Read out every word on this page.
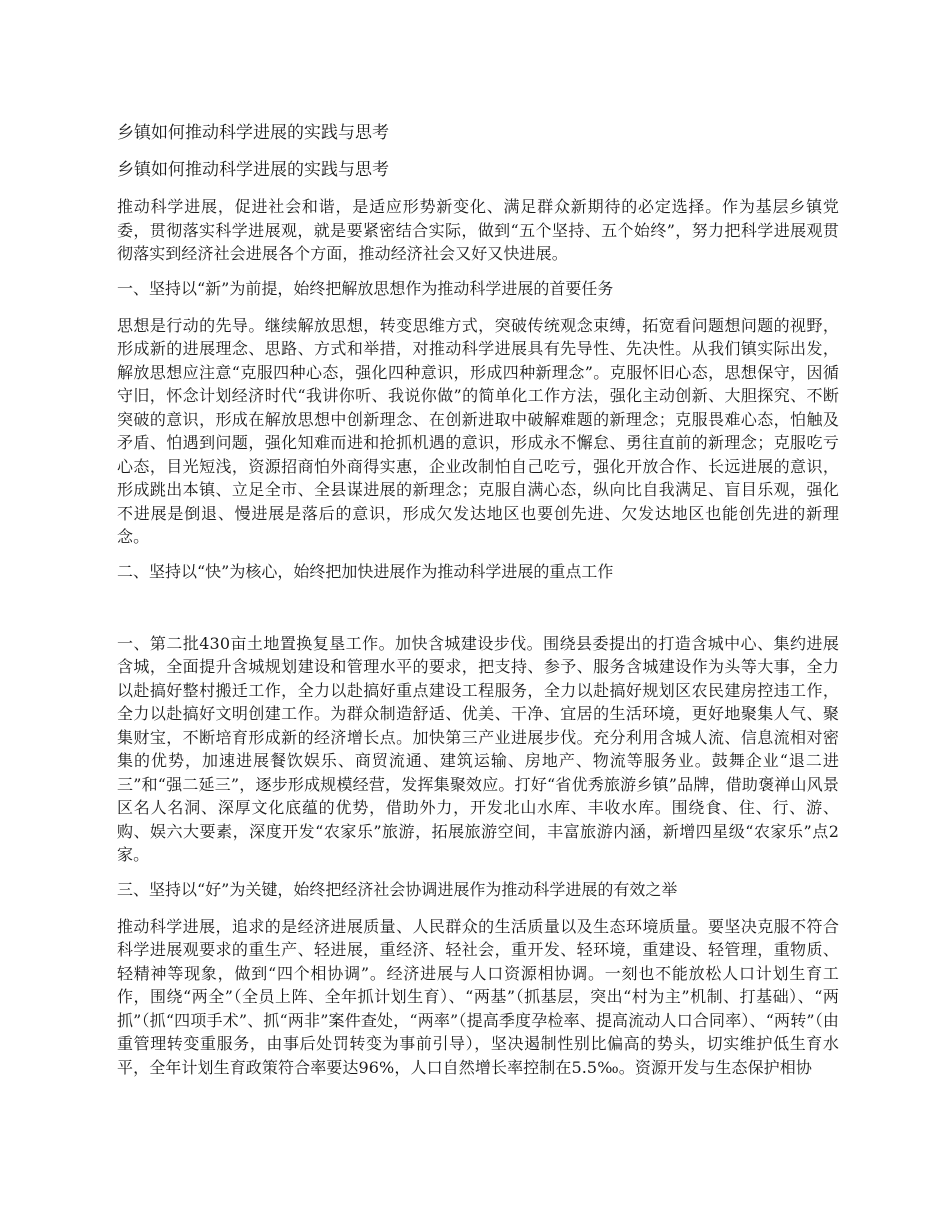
乡镇如何推动科学进展的实践与思考
乡镇如何推动科学进展的实践与思考
推动科学进展，促进社会和谐，是适应形势新变化、满足群众新期待的必定选择。作为基层乡镇党委，贯彻落实科学进展观，就是要紧密结合实际，做到“五个坚持、五个始终”，努力把科学进展观贯彻落实到经济社会进展各个方面，推动经济社会又好又快进展。
一、坚持以“新”为前提，始终把解放思想作为推动科学进展的首要任务
思想是行动的先导。继续解放思想，转变思维方式，突破传统观念束缚，拓宽看问题想问题的视野，形成新的进展理念、思路、方式和举措，对推动科学进展具有先导性、先决性。从我们镇实际出发，解放思想应注意“克服四种心态，强化四种意识，形成四种新理念”。克服怀旧心态，思想保守，因循守旧，怀念计划经济时代“我讲你听、我说你做”的简单化工作方法，强化主动创新、大胆探究、不断突破的意识，形成在解放思想中创新理念、在创新进取中破解难题的新理念；克服畏难心态，怕触及矛盾、怕遇到问题，强化知难而进和抢抓机遇的意识，形成永不懈怠、勇往直前的新理念；克服吃亏心态，目光短浅，资源招商怕外商得实惠，企业改制怕自己吃亏，强化开放合作、长远进展的意识，形成跳出本镇、立足全市、全县谋进展的新理念；克服自满心态，纵向比自我满足、盲目乐观，强化不进展是倒退、慢进展是落后的意识，形成欠发达地区也要创先进、欠发达地区也能创先进的新理念。
二、坚持以“快”为核心，始终把加快进展作为推动科学进展的重点工作
一、第二批430亩土地置换复垦工作。加快含城建设步伐。围绕县委提出的打造含城中心、集约进展含城，全面提升含城规划建设和管理水平的要求，把支持、参予、服务含城建设作为头等大事，全力以赴搞好整村搬迁工作，全力以赴搞好重点建设工程服务，全力以赴搞好规划区农民建房控违工作，全力以赴搞好文明创建工作。为群众制造舒适、优美、干净、宜居的生活环境，更好地聚集人气、聚集财宝，不断培育形成新的经济增长点。加快第三产业进展步伐。充分利用含城人流、信息流相对密集的优势，加速进展餐饮娱乐、商贸流通、建筑运输、房地产、物流等服务业。鼓舞企业“退二进三”和“强二延三”，逐步形成规模经营，发挥集聚效应。打好“省优秀旅游乡镇”品牌，借助褒禅山风景区名人名洞、深厚文化底蕴的优势，借助外力，开发北山水库、丰收水库。围绕食、住、行、游、购、娱六大要素，深度开发“农家乐”旅游，拓展旅游空间，丰富旅游内涵，新增四星级“农家乐”点2家。
三、坚持以“好”为关键，始终把经济社会协调进展作为推动科学进展的有效之举
推动科学进展，追求的是经济进展质量、人民群众的生活质量以及生态环境质量。要坚决克服不符合科学进展观要求的重生产、轻进展，重经济、轻社会，重开发、轻环境，重建设、轻管理，重物质、轻精神等现象，做到“四个相协调”。经济进展与人口资源相协调。一刻也不能放松人口计划生育工作，围绕“两全”（全员上阵、全年抓计划生育）、“两基”（抓基层，突出“村为主”机制、打基础）、“两抓”（抓“四项手术”、抓“两非”案件查处，“两率”（提高季度孕检率、提高流动人口合同率）、“两转”（由重管理转变重服务，由事后处罚转变为事前引导），坚决遏制性别比偏高的势头，切实维护低生育水平，全年计划生育政策符合率要达96%，人口自然增长率控制在5.5‰。资源开发与生态保护相协
